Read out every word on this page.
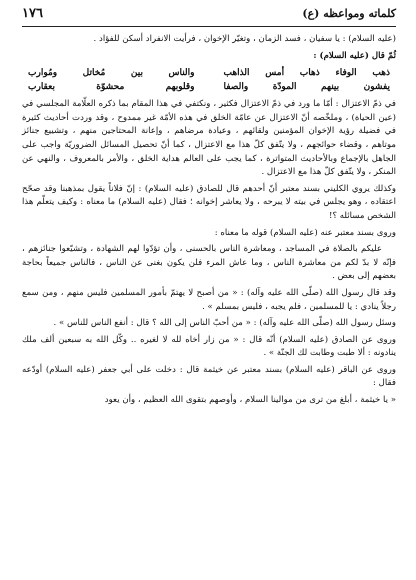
كلماته ومواعظه (ع)
١٧٦

(عليه السلام) : يا سفيان ، فسد الزمان ، وتغيّر الإخوان ، فرأيت الانفراد أسكن للفؤاد .

ثُمّ قال (عليه السلام) :

ذهب الوفاء ذهاب أمس الذاهب
والناس بين مُخاتل ومُوارب
يفشون بينهم المودّة والصفا
وقلوبهم محشوّة بعقارب

في ذمّ الاعتزال : أمّا ما ورد في ذمّ الاعتزال فكثير ، ونكتفي في هذا المقام بما ذكره العلّامة المجلسي في (عين الحياة) ، وملخّصه أنّ الاعتزال عن عامّة الخلق في هذه الأمّة غير ممدوح ، وقد وردت أحاديث كثيرة في فضيلة رؤية الإخوان المؤمنين ولقائهم ، وعيادة مرضاهم ، وإعانة المحتاجين منهم ، وتشييع جنائز موتاهم ، وقضاء حوائجهم ، ولا يتّفق كلّ هذا مع الاعتزال ، كما أنّ تحصيل المسائل الضروريّة واجب على الجاهل بالإجماع وبالأحاديث المتواترة ، كما يجب على العالم هداية الخلق ، والأمر بالمعروف ، والنهي عن المنكر ، ولا يتّفق كلّ هذا مع الاعتزال .

وكذلك يروي الكليني بسند معتبر أنّ أحدهم قال للصادق (عليه السلام) : إنّ فلاناً يقول بمذهبنا وقد صحّح اعتقاده ، وهو يجلس في بيته لا يبرحه ، ولا يعاشر إخوانه ؛ فقال (عليه السلام) ما معناه : وكيف يتعلّم هذا الشخص مسائله ؟!

وروى بسند معتبر عنه (عليه السلام) قوله ما معناه :

عليكم بالصلاة في المساجد ، ومعاشرة الناس بالحسنى ، وأن تؤدّوا لهم الشهادة ، وتشيّعوا جنائزهم ، فإنّه لا بدّ لكم من معاشرة الناس ، وما عاش المرء فلن يكون بغنى عن الناس ، فالناس جميعاً بحاجة بعضهم إلى بعض .

وقد قال رسول الله (صلّى الله عليه وآله) : « من أصبح لا يهتمّ بأمور المسلمين فليس منهم ، ومن سمع رجلاً ينادي : يا للمسلمين ، فلم يجبه ، فليس بمسلم » .

وسئل رسول الله (صلّى الله عليه وآله) : « من أحبّ الناس إلى الله ؟ قال : أنفع الناس للناس » .

وروى عن الصادق (عليه السلام) أنّه قال : « من زار أخاه لله لا لغيره .. وكّل الله به سبعين ألف ملك ينادونه : ألا طبت وطابت لك الجنّة » .

وروى عن الباقر (عليه السلام) بسند معتبر عن خيثمة قال : دخلت على أبي جعفر (عليه السلام) أودّعه فقال :

« يا خيثمة ، أبلغ من ترى من موالينا السلام ، وأوصهم بتقوى الله العظيم ، وأن يعود
